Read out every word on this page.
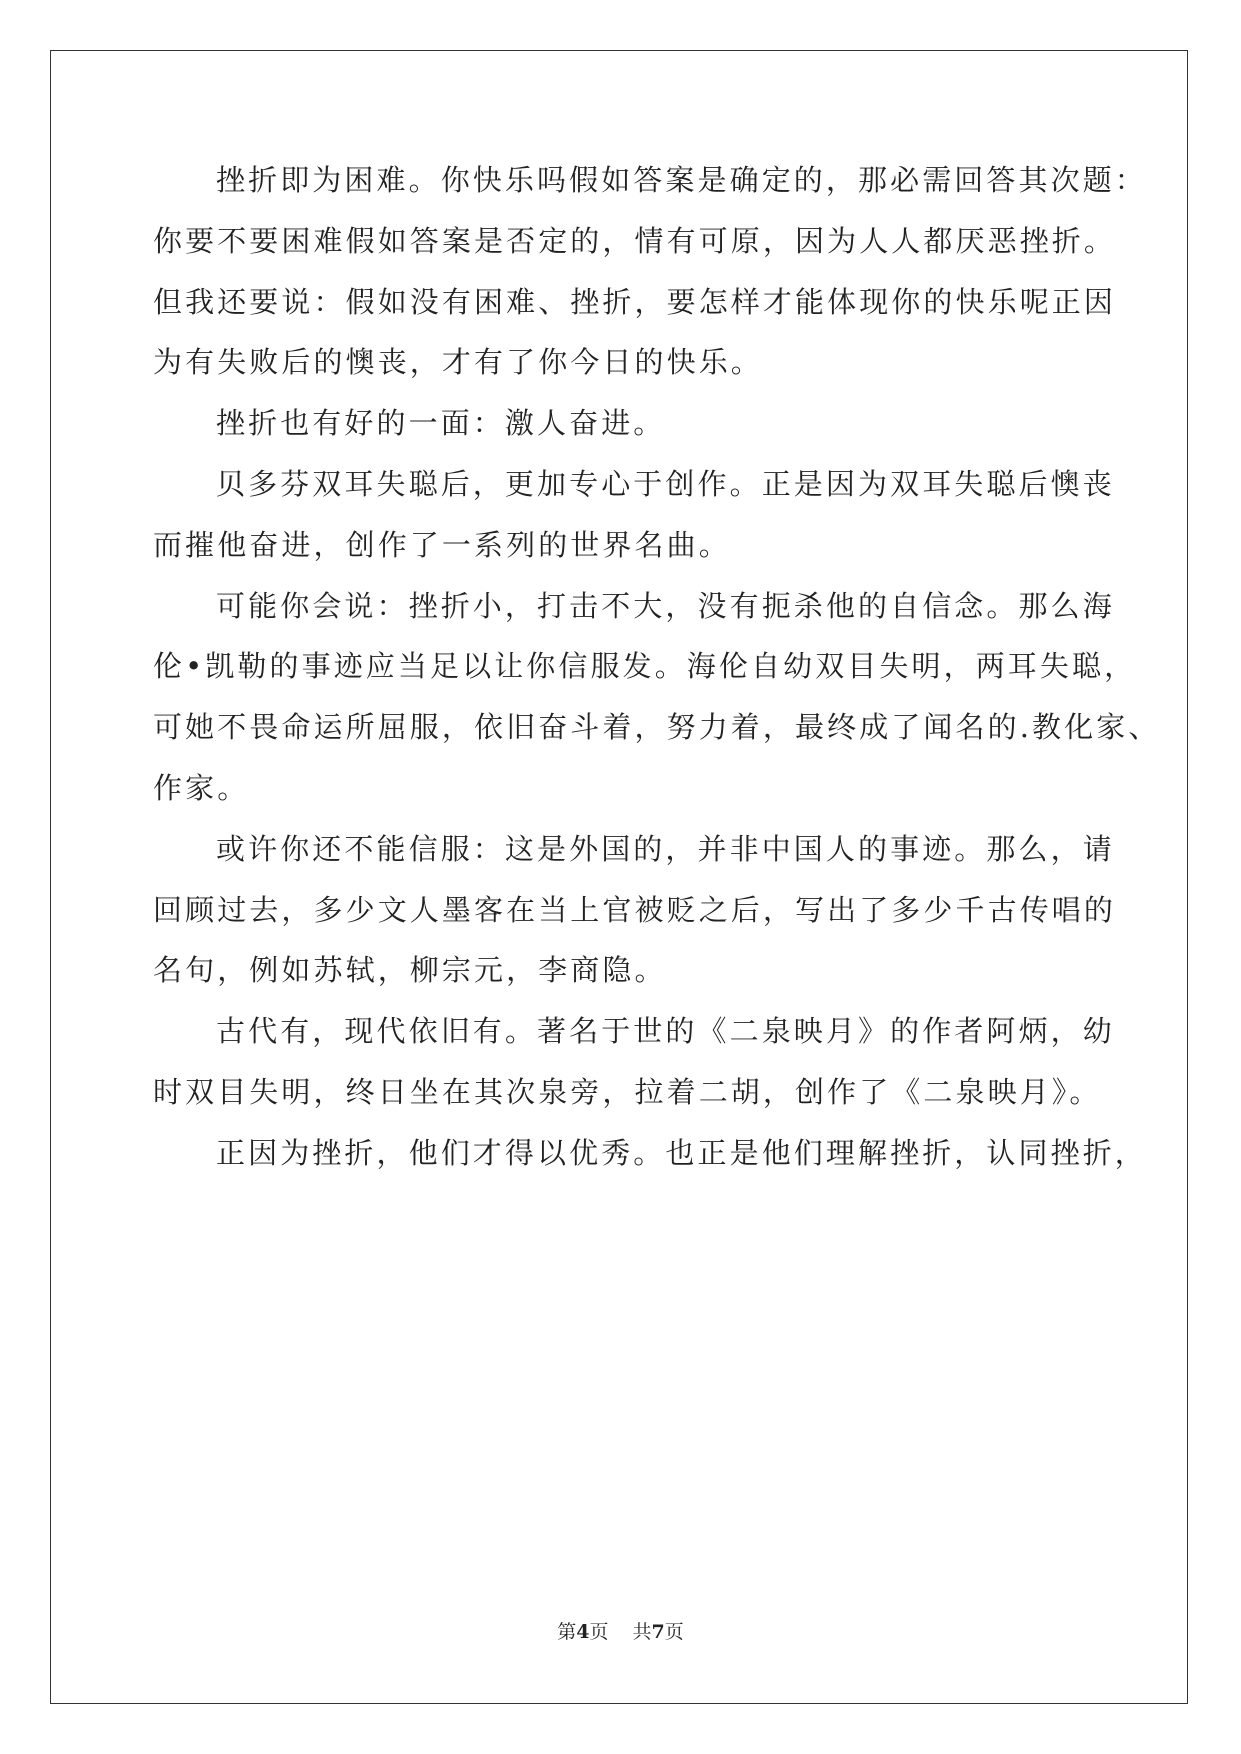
挫折即为困难。你快乐吗假如答案是确定的，那必需回答其次题：
你要不要困难假如答案是否定的，情有可原，因为人人都厌恶挫折。
但我还要说：假如没有困难、挫折，要怎样才能体现你的快乐呢正因
为有失败后的懊丧，才有了你今日的快乐。
挫折也有好的一面：激人奋进。
贝多芬双耳失聪后，更加专心于创作。正是因为双耳失聪后懊丧
而摧他奋进，创作了一系列的世界名曲。
可能你会说：挫折小，打击不大，没有扼杀他的自信念。那么海
伦•凯勒的事迹应当足以让你信服发。海伦自幼双目失明，两耳失聪，
可她不畏命运所屈服，依旧奋斗着，努力着，最终成了闻名的.教化家、
作家。
或许你还不能信服：这是外国的，并非中国人的事迹。那么，请
回顾过去，多少文人墨客在当上官被贬之后，写出了多少千古传唱的
名句，例如苏轼，柳宗元，李商隐。
古代有，现代依旧有。著名于世的《二泉映月》的作者阿炳，幼
时双目失明，终日坐在其次泉旁，拉着二胡，创作了《二泉映月》。
正因为挫折，他们才得以优秀。也正是他们理解挫折，认同挫折，
第4页 共7页
